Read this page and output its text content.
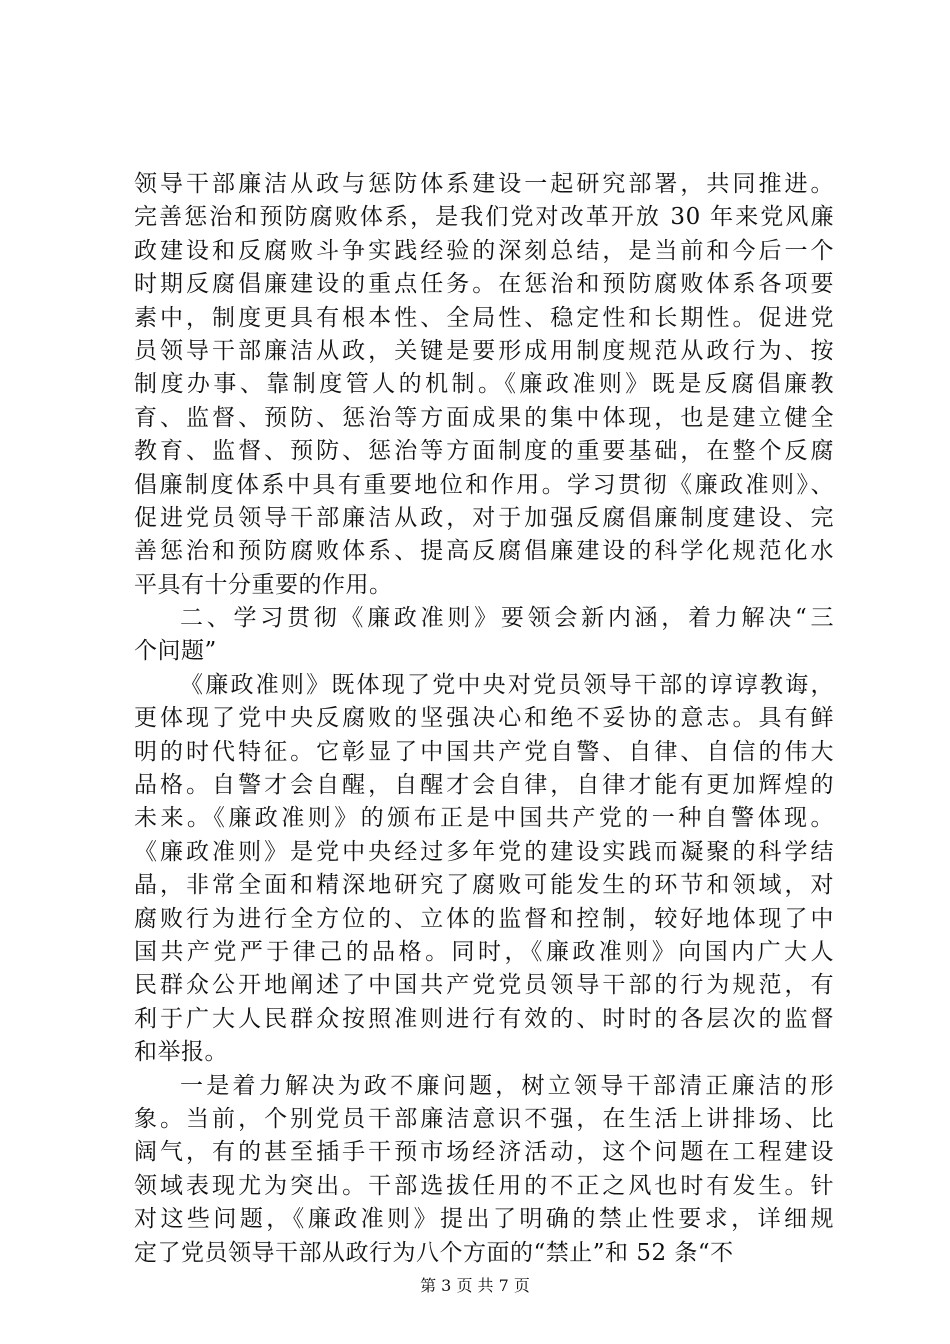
领导干部廉洁从政与惩防体系建设一起研究部署，共同推进。
完善惩治和预防腐败体系，是我们党对改革开放 30 年来党风廉
政建设和反腐败斗争实践经验的深刻总结，是当前和今后一个
时期反腐倡廉建设的重点任务。在惩治和预防腐败体系各项要
素中，制度更具有根本性、全局性、稳定性和长期性。促进党
员领导干部廉洁从政，关键是要形成用制度规范从政行为、按
制度办事、靠制度管人的机制。《廉政准则》既是反腐倡廉教
育、监督、预防、惩治等方面成果的集中体现，也是建立健全
教育、监督、预防、惩治等方面制度的重要基础，在整个反腐
倡廉制度体系中具有重要地位和作用。学习贯彻《廉政准则》、
促进党员领导干部廉洁从政，对于加强反腐倡廉制度建设、完
善惩治和预防腐败体系、提高反腐倡廉建设的科学化规范化水
平具有十分重要的作用。
二、学习贯彻《廉政准则》要领会新内涵，着力解决“三
个问题”
《廉政准则》既体现了党中央对党员领导干部的谆谆教诲，
更体现了党中央反腐败的坚强决心和绝不妥协的意志。具有鲜
明的时代特征。它彰显了中国共产党自警、自律、自信的伟大
品格。自警才会自醒，自醒才会自律，自律才能有更加辉煌的
未来。《廉政准则》的颁布正是中国共产党的一种自警体现。
《廉政准则》是党中央经过多年党的建设实践而凝聚的科学结
晶，非常全面和精深地研究了腐败可能发生的环节和领域，对
腐败行为进行全方位的、立体的监督和控制，较好地体现了中
国共产党严于律己的品格。同时，《廉政准则》向国内广大人
民群众公开地阐述了中国共产党党员领导干部的行为规范，有
利于广大人民群众按照准则进行有效的、时时的各层次的监督
和举报。
一是着力解决为政不廉问题，树立领导干部清正廉洁的形
象。当前，个别党员干部廉洁意识不强，在生活上讲排场、比
阔气，有的甚至插手干预市场经济活动，这个问题在工程建设
领域表现尤为突出。干部选拔任用的不正之风也时有发生。针
对这些问题，《廉政准则》提出了明确的禁止性要求，详细规
定了党员领导干部从政行为八个方面的“禁止”和 52 条“不
第 3 页 共 7 页
